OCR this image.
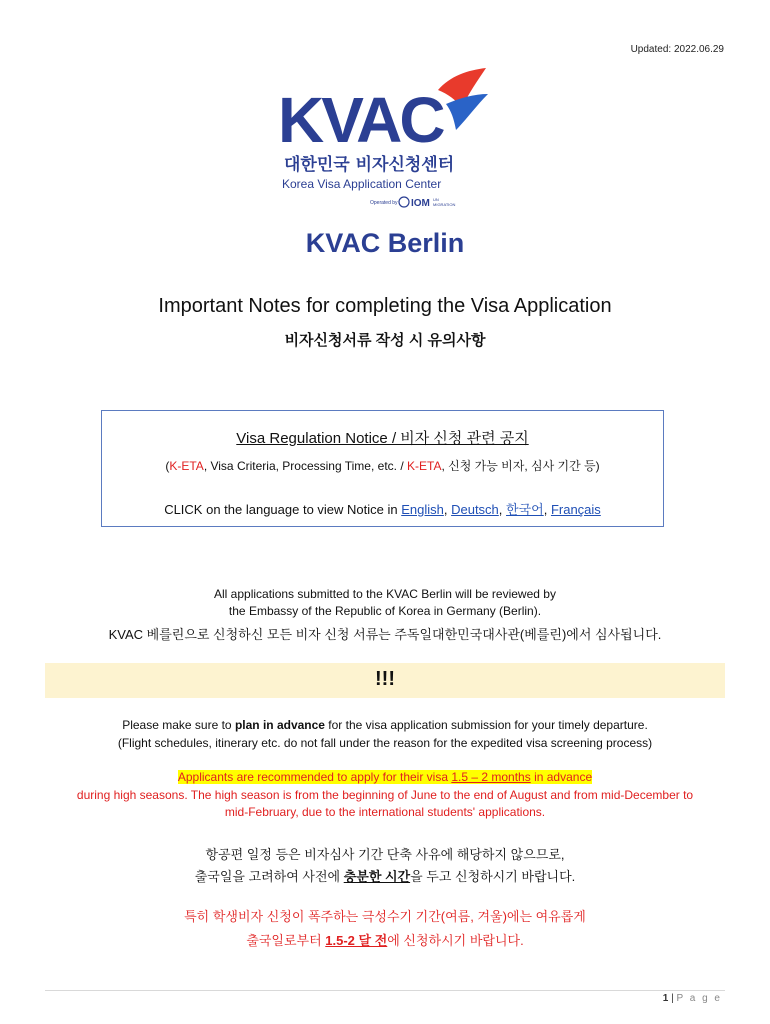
Updated: 2022.06.29
KVAC
대한민국 비자신청센터
Korea Visa Application Center
Operated by IOM UN
MIGRATION
KVAC Berlin
Important Notes for completing the Visa Application
비자신청서류 작성 시 유의사항
Visa Regulation Notice / 비자 신청 관련 공지
(K-ETA, Visa Criteria, Processing Time, etc. / K-ETA, 신청 가능 비자, 심사 기간 등)
CLICK on the language to view Notice in English, Deutsch, 한국어, Français
All applications submitted to the KVAC Berlin will be reviewed by
the Embassy of the Republic of Korea in Germany (Berlin).
KVAC 베를린으로 신청하신 모든 비자 신청 서류는 주독일대한민국대사관(베를린)에서 심사됩니다.
!!!
Please make sure to plan in advance for the visa application submission for your timely departure.
(Flight schedules, itinerary etc. do not fall under the reason for the expedited visa screening process)
Applicants are recommended to apply for their visa 1.5 – 2 months in advance
during high seasons. The high season is from the beginning of June to the end of August and from mid-December to
mid-February, due to the international students' applications.
항공편 일정 등은 비자심사 기간 단축 사유에 해당하지 않으므로,
출국일을 고려하여 사전에 충분한 시간을 두고 신청하시기 바랍니다.
특히 학생비자 신청이 폭주하는 극성수기 기간(여름, 겨울)에는 여유롭게
출국일로부터 1.5-2 달 전에 신청하시기 바랍니다.
1 | P a g e
